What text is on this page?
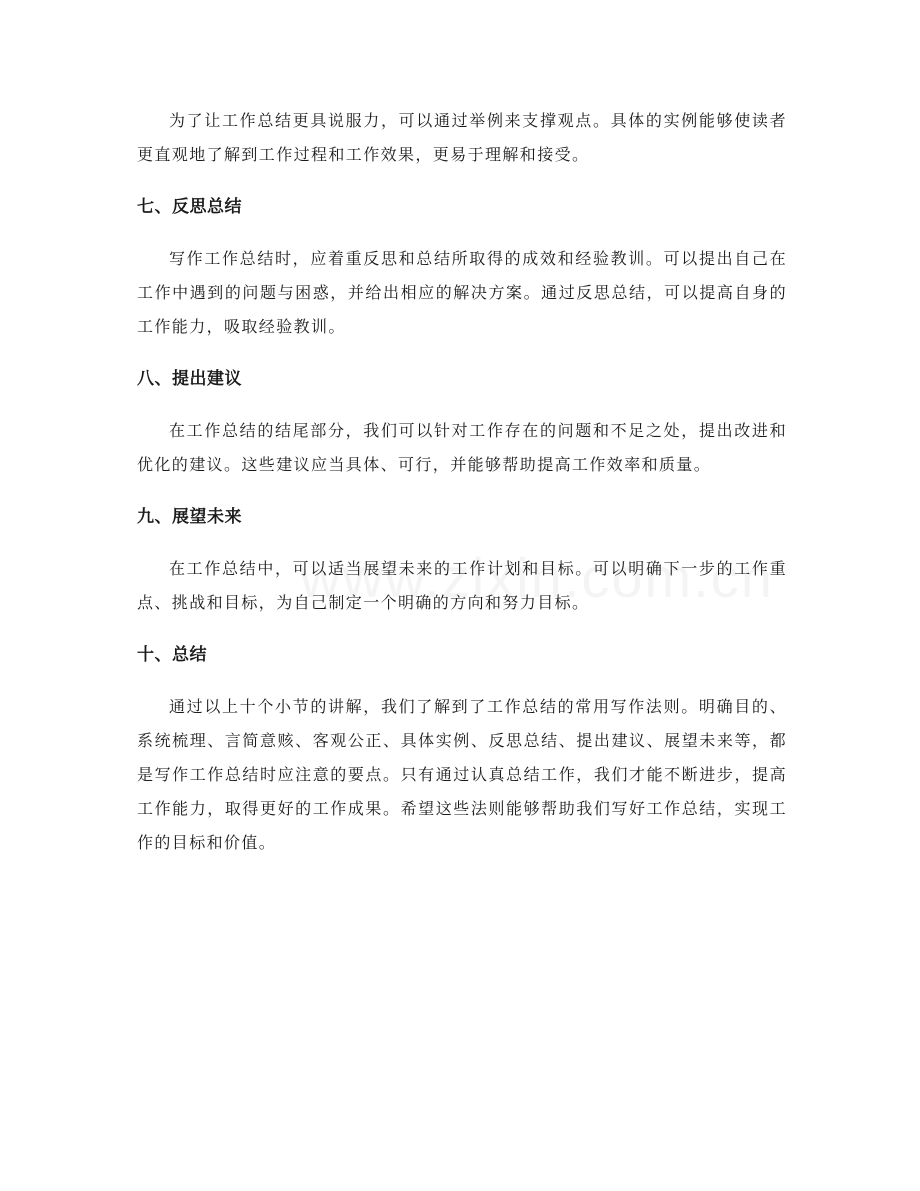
为了让工作总结更具说服力，可以通过举例来支撑观点。具体的实例能够使读者更直观地了解到工作过程和工作效果，更易于理解和接受。

七、反思总结

写作工作总结时，应着重反思和总结所取得的成效和经验教训。可以提出自己在工作中遇到的问题与困惑，并给出相应的解决方案。通过反思总结，可以提高自身的工作能力，吸取经验教训。

八、提出建议

在工作总结的结尾部分，我们可以针对工作存在的问题和不足之处，提出改进和优化的建议。这些建议应当具体、可行，并能够帮助提高工作效率和质量。

九、展望未来

在工作总结中，可以适当展望未来的工作计划和目标。可以明确下一步的工作重点、挑战和目标，为自己制定一个明确的方向和努力目标。

十、总结

通过以上十个小节的讲解，我们了解到了工作总结的常用写作法则。明确目的、系统梳理、言简意赅、客观公正、具体实例、反思总结、提出建议、展望未来等，都是写作工作总结时应注意的要点。只有通过认真总结工作，我们才能不断进步，提高工作能力，取得更好的工作成果。希望这些法则能够帮助我们写好工作总结，实现工作的目标和价值。
